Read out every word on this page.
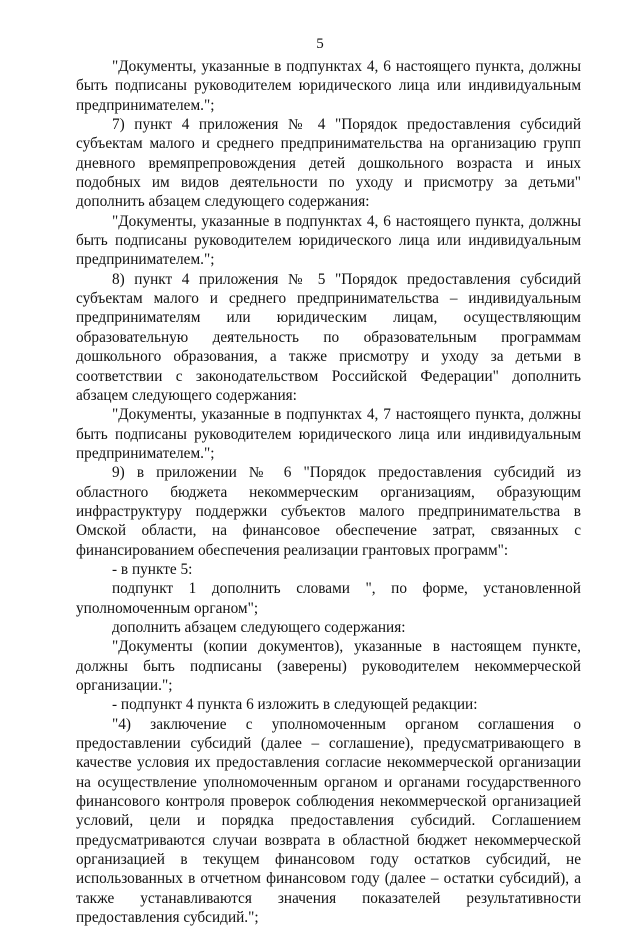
5

"Документы, указанные в подпунктах 4, 6 настоящего пункта, должны быть подписаны руководителем юридического лица или индивидуальным предпринимателем.";

7) пункт 4 приложения № 4 "Порядок предоставления субсидий субъектам малого и среднего предпринимательства на организацию групп дневного времяпрепровождения детей дошкольного возраста и иных подобных им видов деятельности по уходу и присмотру за детьми" дополнить абзацем следующего содержания:

"Документы, указанные в подпунктах 4, 6 настоящего пункта, должны быть подписаны руководителем юридического лица или индивидуальным предпринимателем.";

8) пункт 4 приложения № 5 "Порядок предоставления субсидий субъектам малого и среднего предпринимательства – индивидуальным предпринимателям или юридическим лицам, осуществляющим образовательную деятельность по образовательным программам дошкольного образования, а также присмотру и уходу за детьми в соответствии с законодательством Российской Федерации" дополнить абзацем следующего содержания:

"Документы, указанные в подпунктах 4, 7 настоящего пункта, должны быть подписаны руководителем юридического лица или индивидуальным предпринимателем.";

9) в приложении № 6 "Порядок предоставления субсидий из областного бюджета некоммерческим организациям, образующим инфраструктуру поддержки субъектов малого предпринимательства в Омской области, на финансовое обеспечение затрат, связанных с финансированием обеспечения реализации грантовых программ":

- в пункте 5:

подпункт 1 дополнить словами ", по форме, установленной уполномоченным органом";

дополнить абзацем следующего содержания:

"Документы (копии документов), указанные в настоящем пункте, должны быть подписаны (заверены) руководителем некоммерческой организации.";

- подпункт 4 пункта 6 изложить в следующей редакции:

"4) заключение с уполномоченным органом соглашения о предоставлении субсидий (далее – соглашение), предусматривающего в качестве условия их предоставления согласие некоммерческой организации на осуществление уполномоченным органом и органами государственного финансового контроля проверок соблюдения некоммерческой организацией условий, цели и порядка предоставления субсидий. Соглашением предусматриваются случаи возврата в областной бюджет некоммерческой организацией в текущем финансовом году остатков субсидий, не использованных в отчетном финансовом году (далее – остатки субсидий), а также устанавливаются значения показателей результативности предоставления субсидий.";
